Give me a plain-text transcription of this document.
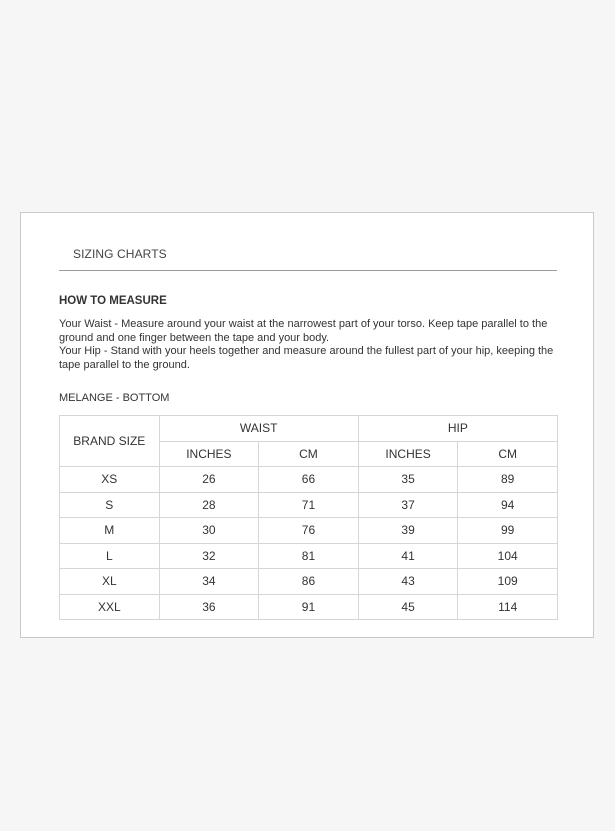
SIZING CHARTS
HOW TO MEASURE

Your Waist - Measure around your waist at the narrowest part of your torso. Keep tape parallel to the ground and one finger between the tape and your body.

Your Hip - Stand with your heels together and measure around the fullest part of your hip, keeping the tape parallel to the ground.

MELANGE - BOTTOM
BRAND SIZE	WAIST		HIP	
	INCHES	CM	INCHES	CM
XS	26	66	35	89
S	28	71	37	94
M	30	76	39	99
L	32	81	41	104
XL	34	86	43	109
XXL	36	91	45	114
